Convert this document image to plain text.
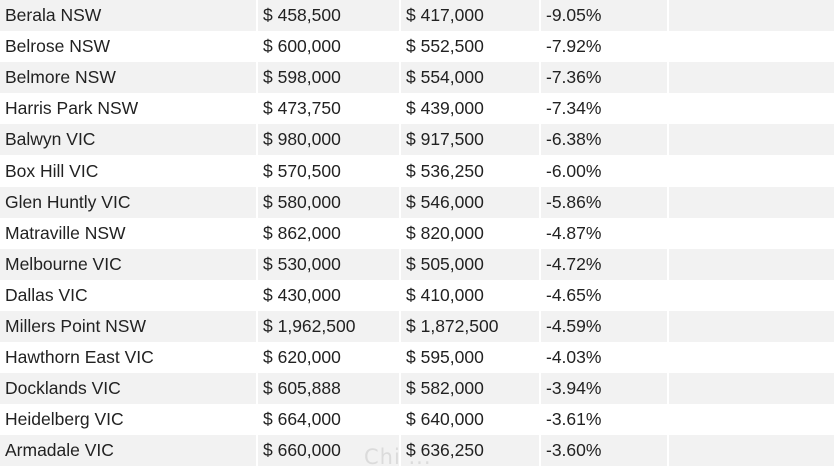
Berala NSW	$ 458,500	$ 417,000	-9.05%	
Belrose NSW	$ 600,000	$ 552,500	-7.92%	
Belmore NSW	$ 598,000	$ 554,000	-7.36%	
Harris Park NSW	$ 473,750	$ 439,000	-7.34%	
Balwyn VIC	$ 980,000	$ 917,500	-6.38%	
Box Hill VIC	$ 570,500	$ 536,250	-6.00%	
Glen Huntly VIC	$ 580,000	$ 546,000	-5.86%	
Matraville NSW	$ 862,000	$ 820,000	-4.87%	
Melbourne VIC	$ 530,000	$ 505,000	-4.72%	
Dallas VIC	$ 430,000	$ 410,000	-4.65%	
Millers Point NSW	$ 1,962,500	$ 1,872,500	-4.59%	
Hawthorn East VIC	$ 620,000	$ 595,000	-4.03%	
Docklands VIC	$ 605,888	$ 582,000	-3.94%	
Heidelberg VIC	$ 664,000	$ 640,000	-3.61%	
Armadale VIC	$ 660,000	$ 636,250	-3.60%	
Chi ...
